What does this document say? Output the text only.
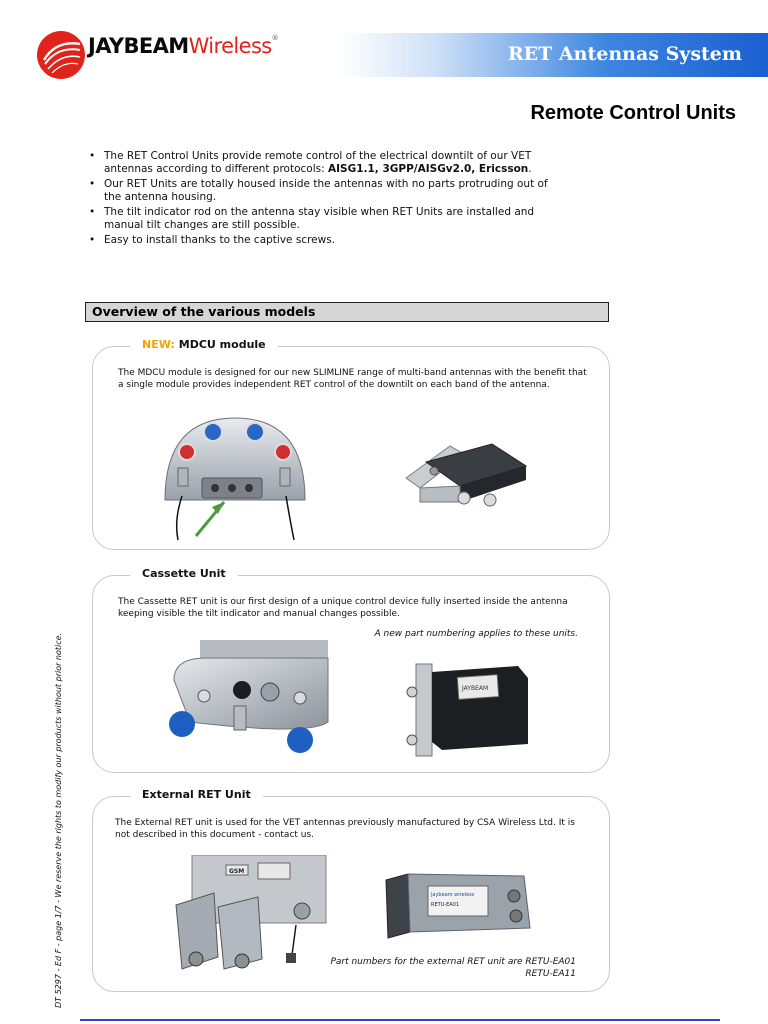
RET Antennas System
JAYBEAMWireless®
Remote Control Units
• The RET Control Units provide remote control of the electrical downtilt of our VET antennas according to different protocols: AISG1.1, 3GPP/AISGv2.0, Ericsson.
• Our RET Units are totally housed inside the antennas with no parts protruding out of the antenna housing.
• The tilt indicator rod on the antenna stay visible when RET Units are installed and manual tilt changes are still possible.
• Easy to install thanks to the captive screws.
Overview of the various models
NEW: MDCU module
The MDCU module is designed for our new SLIMLINE range of multi-band antennas with the benefit that a single module provides independent RET control of the downtilt on each band of the antenna.
Cassette Unit
The Cassette RET unit is our first design of a unique control device fully inserted inside the antenna keeping visible the tilt indicator and manual changes possible.
A new part numbering applies to these units.
JAYBEAM
External RET Unit
The External RET unit is used for the VET antennas previously manufactured by CSA Wireless Ltd. It is not described in this document - contact us.
GSM
jaybeam wireless
RETU-EA01
Part numbers for the external RET unit are RETU-EA01
RETU-EA11
DT 5297 - Ed F - page 1/7 - We reserve the rights to modify our products without prior notice.
